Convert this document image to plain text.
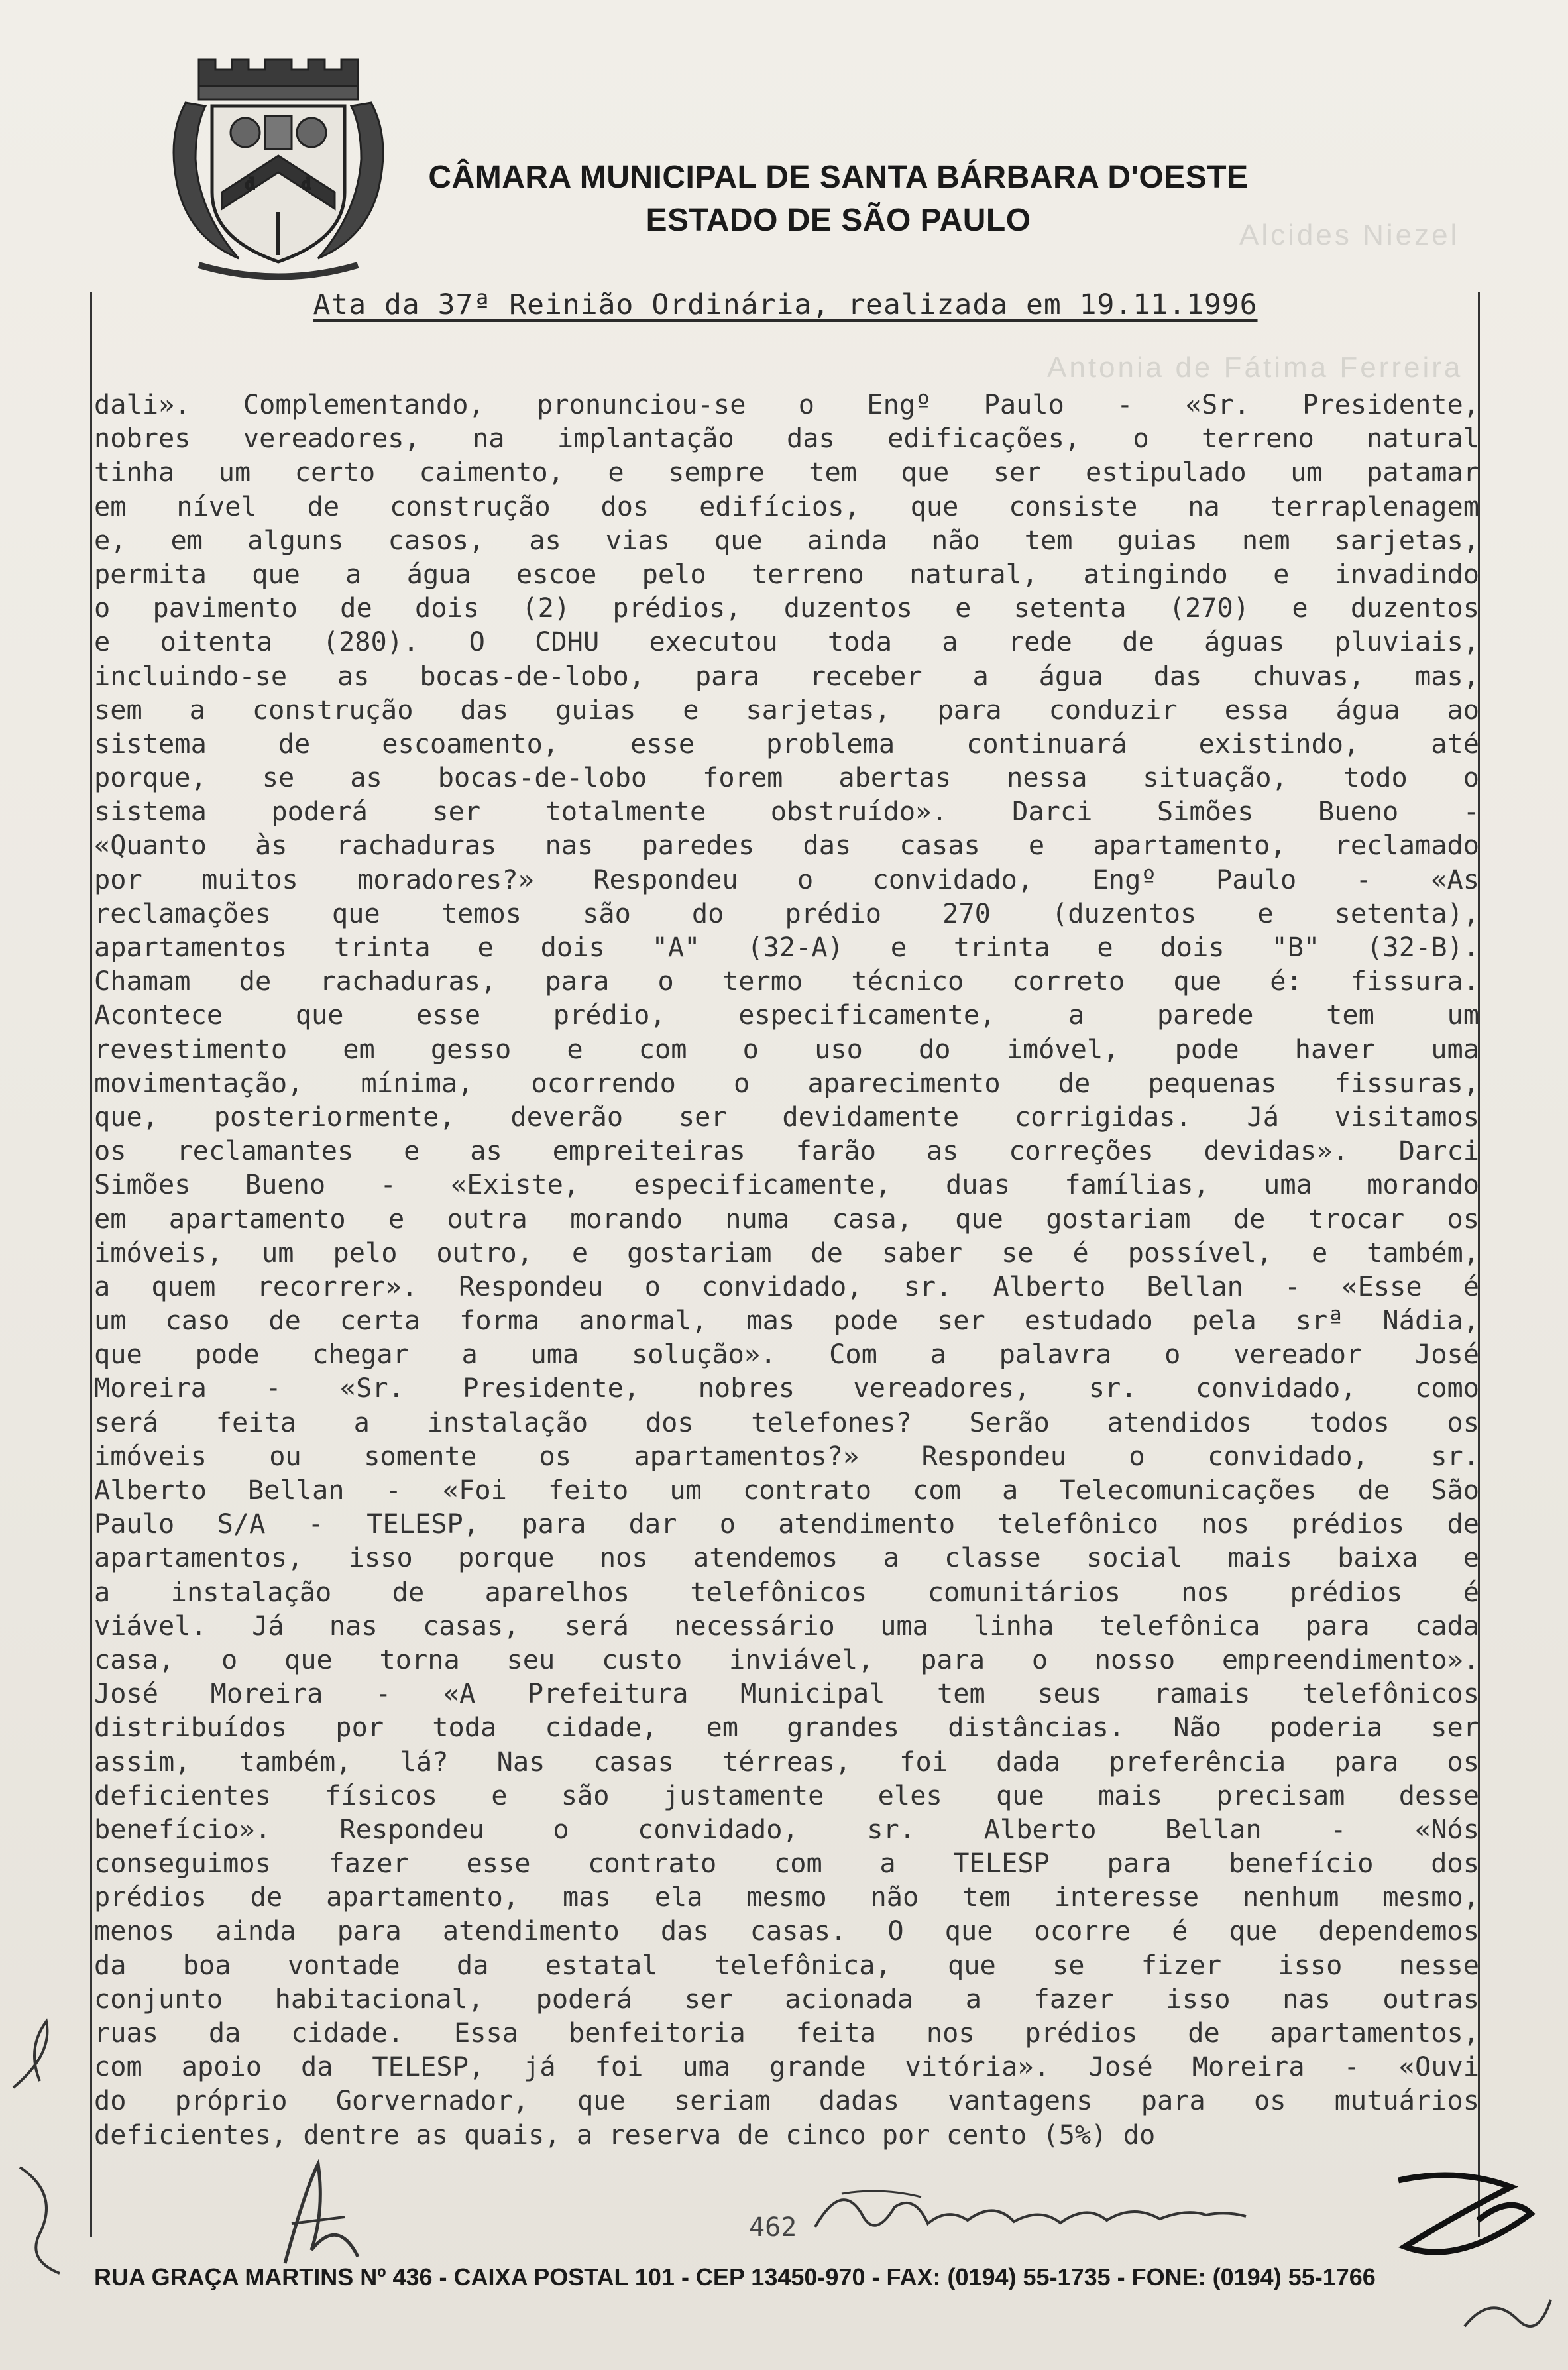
Alcides Niezel
Antonia de Fátima Ferreira
d	d	CÂMARA MUNICIPAL DE SANTA BÁRBARA D'OESTE
ESTADO DE SÃO PAULO
Ata da 37ª Reinião Ordinária, realizada em 19.11.1996
dali». Complementando, pronunciou-se o Engº Paulo - «Sr. Presidente,
nobres vereadores, na implantação das edificações, o terreno natural
tinha um certo caimento, e sempre tem que ser estipulado um patamar
em nível de construção dos edifícios, que consiste na terraplenagem
e, em alguns casos, as vias que ainda não tem guias nem sarjetas,
permita que a água escoe pelo terreno natural, atingindo e invadindo
o pavimento de dois (2) prédios, duzentos e setenta (270) e duzentos
e oitenta (280). O CDHU executou toda a rede de águas pluviais,
incluindo-se as bocas-de-lobo, para receber a água das chuvas, mas,
sem a construção das guias e sarjetas, para conduzir essa água ao
sistema de escoamento, esse problema continuará existindo, até
porque, se as bocas-de-lobo forem abertas nessa situação, todo o
sistema poderá ser totalmente obstruído». Darci Simões Bueno -
«Quanto às rachaduras nas paredes das casas e apartamento, reclamado
por muitos moradores?» Respondeu o convidado, Engº Paulo - «As
reclamações que temos são do prédio 270 (duzentos e setenta),
apartamentos trinta e dois "A" (32-A) e trinta e dois "B" (32-B).
Chamam de rachaduras, para o termo técnico correto que é: fissura.
Acontece que esse prédio, especificamente, a parede tem um
revestimento em gesso e com o uso do imóvel, pode haver uma
movimentação, mínima, ocorrendo o aparecimento de pequenas fissuras,
que, posteriormente, deverão ser devidamente corrigidas. Já visitamos
os reclamantes e as empreiteiras farão as correções devidas». Darci
Simões Bueno - «Existe, especificamente, duas famílias, uma morando
em apartamento e outra morando numa casa, que gostariam de trocar os
imóveis, um pelo outro, e gostariam de saber se é possível, e também,
a quem recorrer». Respondeu o convidado, sr. Alberto Bellan - «Esse é
um caso de certa forma anormal, mas pode ser estudado pela srª Nádia,
que pode chegar a uma solução». Com a palavra o vereador José
Moreira - «Sr. Presidente, nobres vereadores, sr. convidado, como
será feita a instalação dos telefones? Serão atendidos todos os
imóveis ou somente os apartamentos?» Respondeu o convidado, sr.
Alberto Bellan - «Foi feito um contrato com a Telecomunicações de São
Paulo S/A - TELESP, para dar o atendimento telefônico nos prédios de
apartamentos, isso porque nos atendemos a classe social mais baixa e
a instalação de aparelhos telefônicos comunitários nos prédios é
viável. Já nas casas, será necessário uma linha telefônica para cada
casa, o que torna seu custo inviável, para o nosso empreendimento».
José Moreira - «A Prefeitura Municipal tem seus ramais telefônicos
distribuídos por toda cidade, em grandes distâncias. Não poderia ser
assim, também, lá? Nas casas térreas, foi dada preferência para os
deficientes físicos e são justamente eles que mais precisam desse
benefício». Respondeu o convidado, sr. Alberto Bellan - «Nós
conseguimos fazer esse contrato com a TELESP para benefício dos
prédios de apartamento, mas ela mesmo não tem interesse nenhum mesmo,
menos ainda para atendimento das casas. O que ocorre é que dependemos
da boa vontade da estatal telefônica, que se fizer isso nesse
conjunto habitacional, poderá ser acionada a fazer isso nas outras
ruas da cidade. Essa benfeitoria feita nos prédios de apartamentos,
com apoio da TELESP, já foi uma grande vitória». José Moreira - «Ouvi
do próprio Gorvernador, que seriam dadas vantagens para os mutuários
deficientes, dentre as quais, a reserva de cinco por cento (5%) do
462
RUA GRAÇA MARTINS Nº 436 - CAIXA POSTAL 101 - CEP 13450-970 - FAX: (0194) 55-1735 - FONE: (0194) 55-1766
